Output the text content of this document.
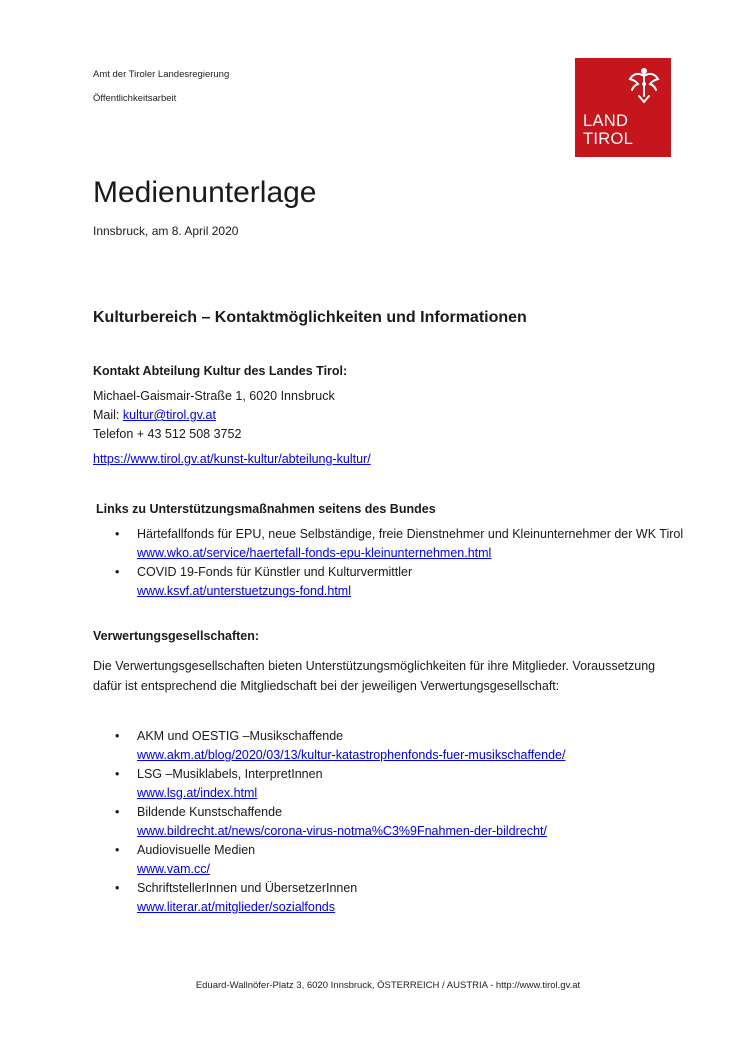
Amt der Tiroler Landesregierung
Öffentlichkeitsarbeit
LAND
TIROL
Medienunterlage
Innsbruck, am 8. April 2020
Kulturbereich – Kontaktmöglichkeiten und Informationen
Kontakt Abteilung Kultur des Landes Tirol:
Michael-Gaismair-Straße 1, 6020 Innsbruck
Mail: kultur@tirol.gv.at
Telefon + 43 512 508 3752
https://www.tirol.gv.at/kunst-kultur/abteilung-kultur/
Links zu Unterstützungsmaßnahmen seitens des Bundes
• Härtefallfonds für EPU, neue Selbständige, freie Dienstnehmer und Kleinunternehmer der WK Tirol
www.wko.at/service/haertefall-fonds-epu-kleinunternehmen.html
• COVID 19-Fonds für Künstler und Kulturvermittler
www.ksvf.at/unterstuetzungs-fond.html
Verwertungsgesellschaften:
Die Verwertungsgesellschaften bieten Unterstützungsmöglichkeiten für ihre Mitglieder. Voraussetzung
dafür ist entsprechend die Mitgliedschaft bei der jeweiligen Verwertungsgesellschaft:
• AKM und OESTIG –Musikschaffende
www.akm.at/blog/2020/03/13/kultur-katastrophenfonds-fuer-musikschaffende/
• LSG –Musiklabels, InterpretInnen
www.lsg.at/index.html
• Bildende Kunstschaffende
www.bildrecht.at/news/corona-virus-notma%C3%9Fnahmen-der-bildrecht/
• Audiovisuelle Medien
www.vam.cc/
• SchriftstellerInnen und ÜbersetzerInnen
www.literar.at/mitglieder/sozialfonds
Eduard-Wallnöfer-Platz 3, 6020 Innsbruck, ÖSTERREICH / AUSTRIA - http://www.tirol.gv.at
